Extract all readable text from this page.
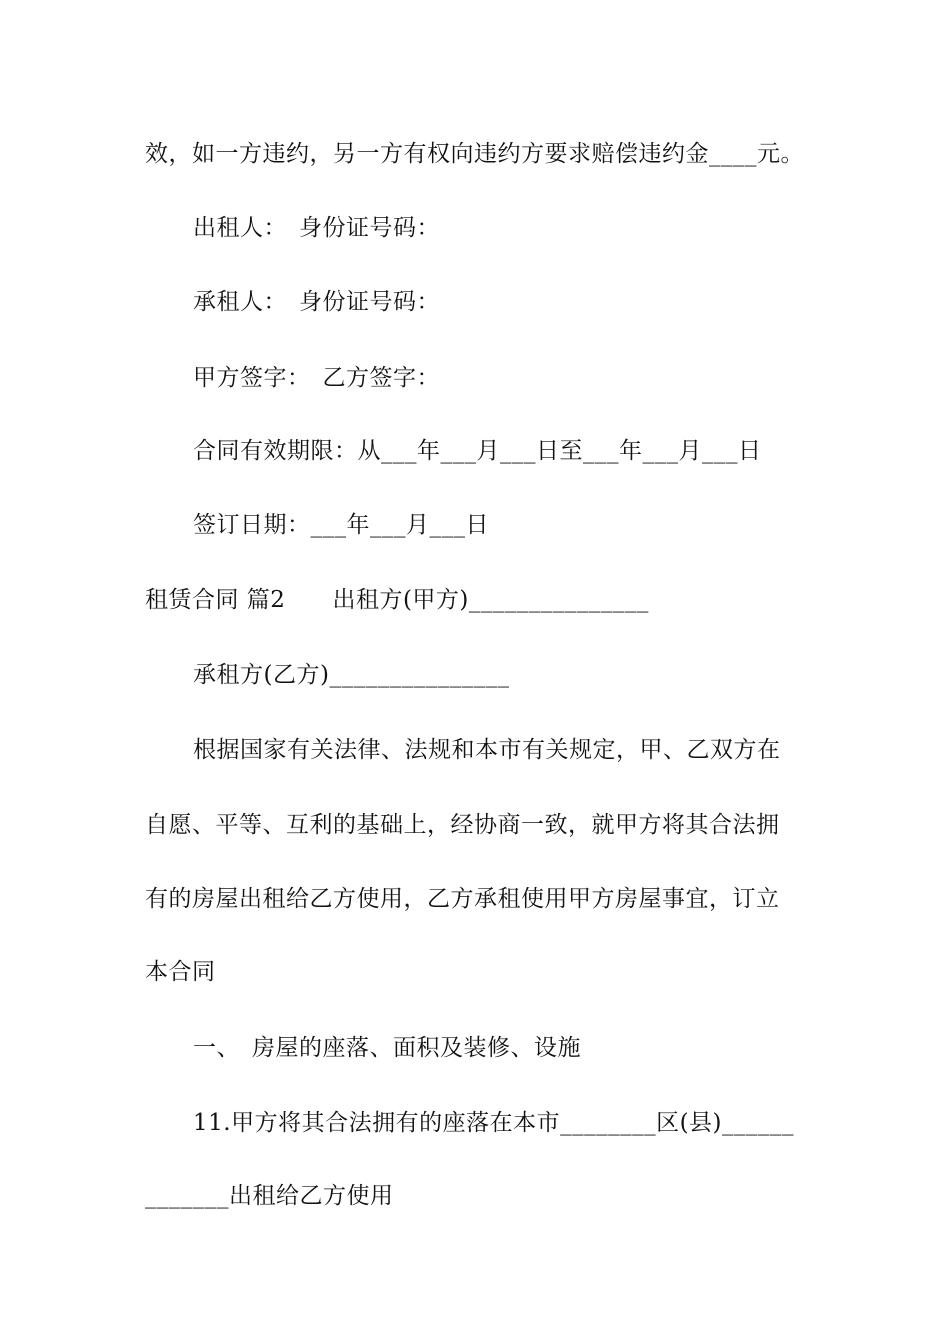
效，如一方违约，另一方有权向违约方要求赔偿违约金____元。
出租人：　身份证号码：
承租人：　身份证号码：
甲方签字：　乙方签字：
合同有效期限：从___年___月___日至___年___月___日
签订日期：___年___月___日
租赁合同 篇2　　出租方(甲方)_______________
承租方(乙方)_______________
根据国家有关法律、法规和本市有关规定，甲、乙双方在
自愿、平等、互利的基础上，经协商一致，就甲方将其合法拥
有的房屋出租给乙方使用，乙方承租使用甲方房屋事宜，订立
本合同
一、　房屋的座落、面积及装修、设施
11.甲方将其合法拥有的座落在本市________区(县)______
_______出租给乙方使用
